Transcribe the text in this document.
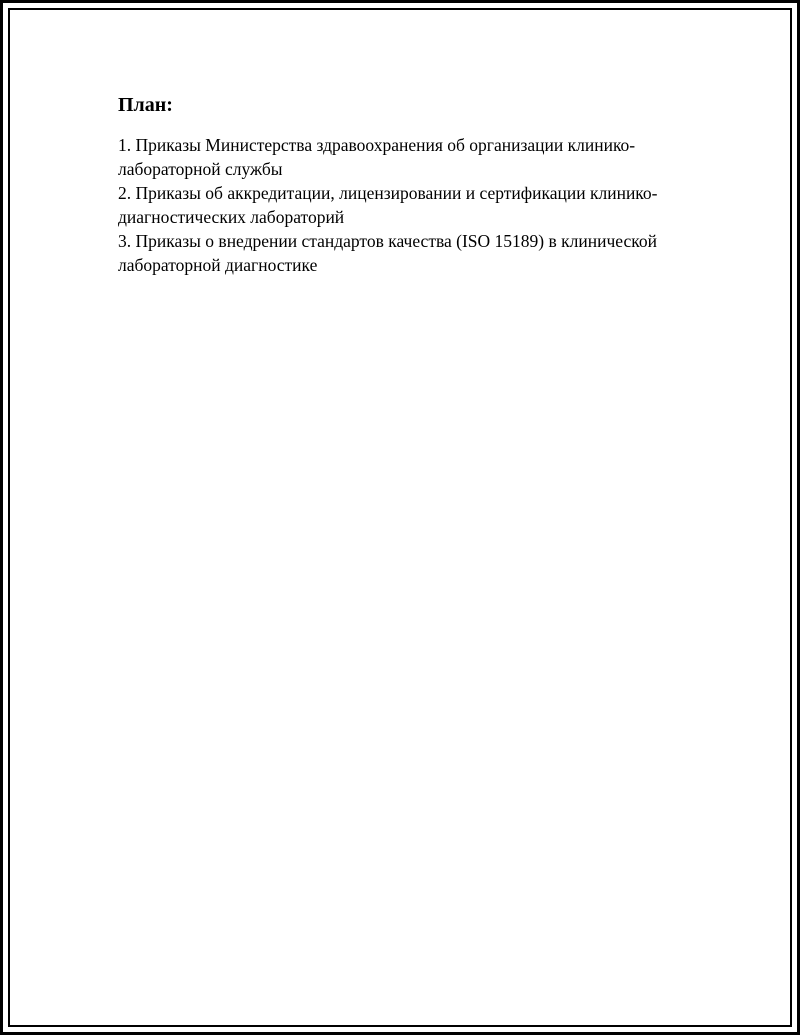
План:
1. Приказы Министерства здравоохранения об организации клинико-лабораторной службы
2. Приказы об аккредитации, лицензировании и сертификации клинико-диагностических лабораторий
3. Приказы о внедрении стандартов качества (ISO 15189) в клинической лабораторной диагностике
